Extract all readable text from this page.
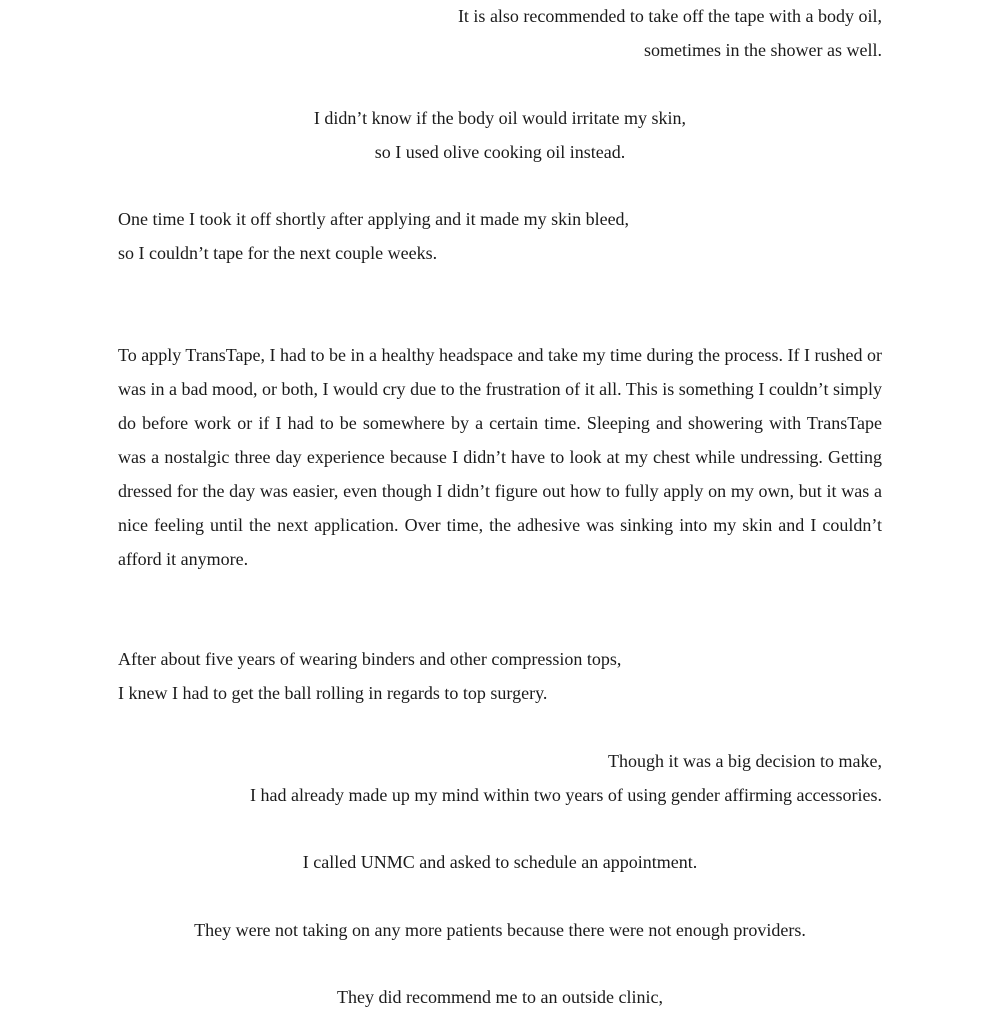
It is also recommended to take off the tape with a body oil,
sometimes in the shower as well.
I didn’t know if the body oil would irritate my skin,
so I used olive cooking oil instead.
One time I took it off shortly after applying and it made my skin bleed,
so I couldn’t tape for the next couple weeks.

To apply TransTape, I had to be in a healthy headspace and take my time during the process. If I rushed or was in a bad mood, or both, I would cry due to the frustration of it all. This is something I couldn’t simply do before work or if I had to be somewhere by a certain time. Sleeping and showering with TransTape was a nostalgic three day experience because I didn’t have to look at my chest while undressing. Getting dressed for the day was easier, even though I didn’t figure out how to fully apply on my own, but it was a nice feeling until the next application. Over time, the adhesive was sinking into my skin and I couldn’t afford it anymore.

After about five years of wearing binders and other compression tops,
I knew I had to get the ball rolling in regards to top surgery.
Though it was a big decision to make,
I had already made up my mind within two years of using gender affirming accessories.
I called UNMC and asked to schedule an appointment.
They were not taking on any more patients because there were not enough providers.
They did recommend me to an outside clinic,
